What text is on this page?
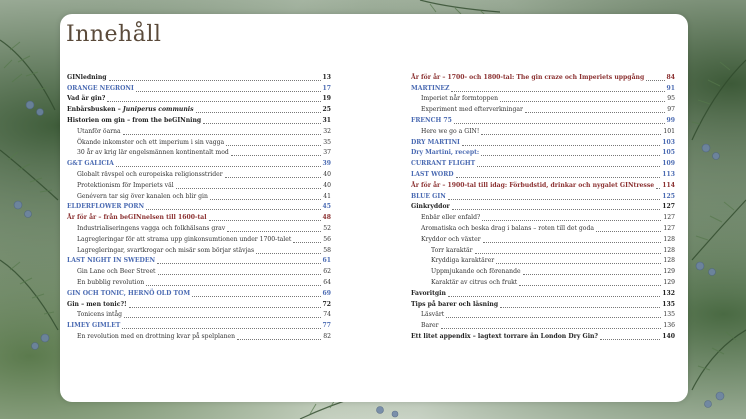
Innehåll
GINledning	13
ORANGE NEGRONI	17
Vad är gin?	19
Enbärsbusken – Juniperus communis	25
Historien om gin – from the beGINning	31
Utanför öarna	32
Ökande inkomster och ett imperium i sin vagga	35
30 år av krig lär engelsmännen kontinentalt mod	37
G&T GALICIA	39
Globalt rävspel och europeiska religionsstrider	40
Protektionism för Imperiets väl	40
Genévern tar sig över kanalen och blir gin	41
ELDERFLOWER PORN	45
År för år – från beGINnelsen till 1600-tal	48
Industrialiseringens vagga och folkhälsans grav	52
Lagregleringar för att strama upp ginkonsumtionen under 1700-talet	56
Lagregleringar, svartkrogar och misär som börjar stävjas	58
LAST NIGHT IN SWEDEN	61
Gin Lane och Beer Street	62
En bubblig revolution	64
GIN OCH TONIC, HERNÖ OLD TOM	69
Gin – men tonic?!	72
Tonicens intåg	74
LIMEY GIMLET	77
En revolution med en drottning kvar på spelplanen	82
År för år – 1700- och 1800-tal: The gin craze och Imperiets uppgång	84
MARTINEZ	91
Imperiet når formtoppen	95
Experiment med efterverkningar	97
FRENCH 75	99
Here we go a GIN!	101
DRY MARTINI	103
Dry Martini, recept:	105
CURRANT FLIGHT	109
LAST WORD	113
År för år – 1900-tal till idag: Förbudstid, drinkar och nygalet GINtresse 114
BLUE GIN	125
Ginkryddor	127
Enbär eller enfald?	127
Aromatiska och beska drag i balans – roten till det goda	127
Kryddor och växter	128
Torr karaktär	128
Kryddiga karaktärer	128
Uppmjukande och förenande	129
Karaktär av citrus och frukt	129
Favoritgin	132
Tips på barer och läsning	135
Läsvärt	135
Barer	136
Ett litet appendix – lagtext torrare än London Dry Gin?	140
